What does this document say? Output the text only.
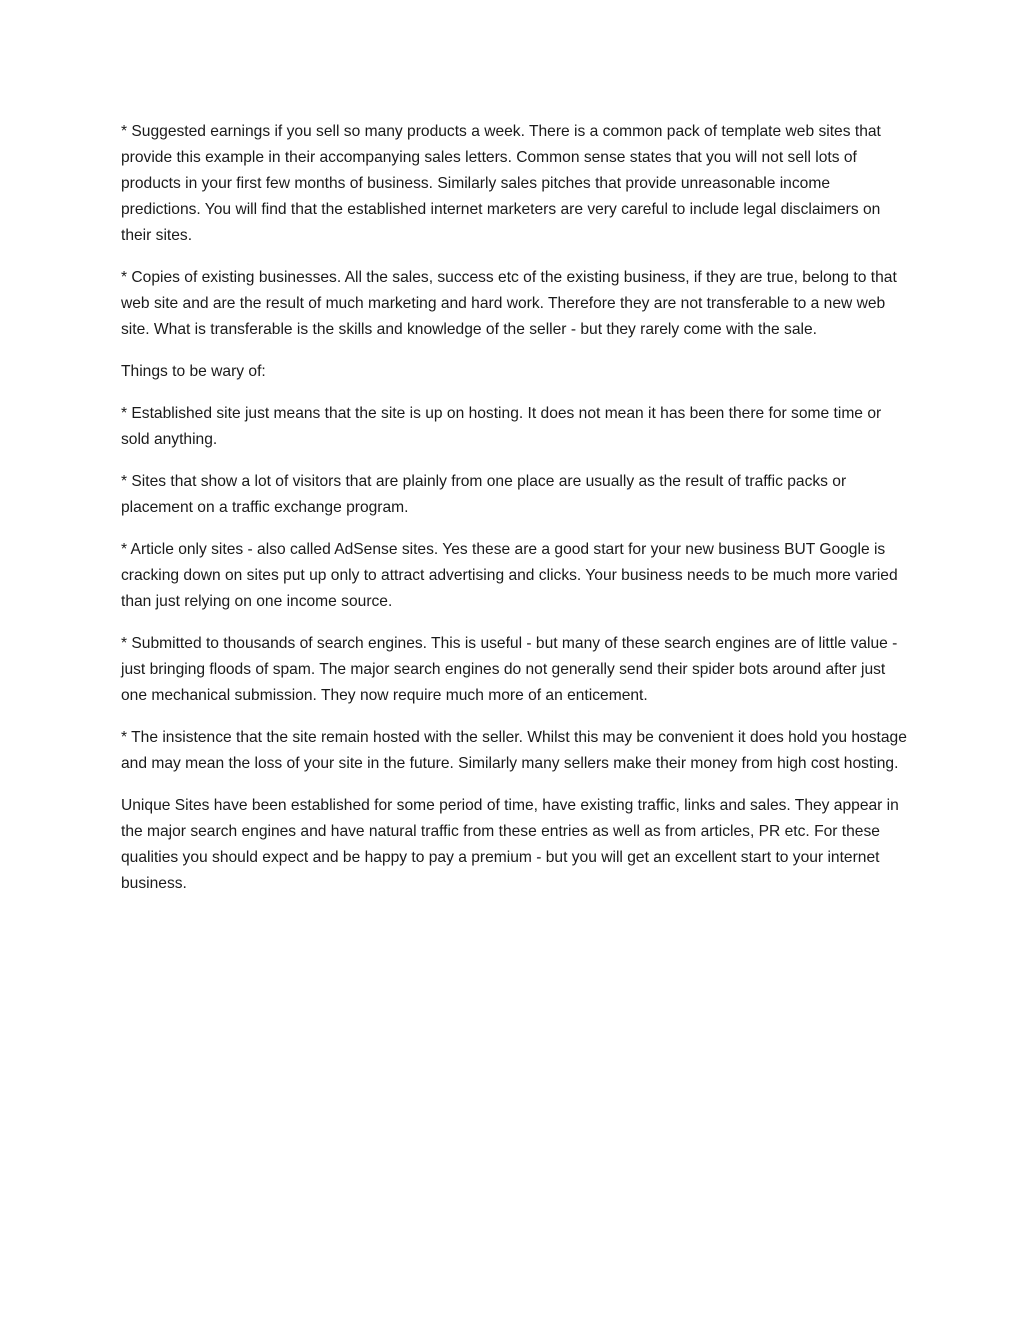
* Suggested earnings if you sell so many products a week. There is a common pack of template web sites that provide this example in their accompanying sales letters. Common sense states that you will not sell lots of products in your first few months of business. Similarly sales pitches that provide unreasonable income predictions. You will find that the established internet marketers are very careful to include legal disclaimers on their sites.

* Copies of existing businesses. All the sales, success etc of the existing business, if they are true, belong to that web site and are the result of much marketing and hard work. Therefore they are not transferable to a new web site. What is transferable is the skills and knowledge of the seller - but they rarely come with the sale.

Things to be wary of:

* Established site just means that the site is up on hosting. It does not mean it has been there for some time or sold anything.

* Sites that show a lot of visitors that are plainly from one place are usually as the result of traffic packs or placement on a traffic exchange program.

* Article only sites - also called AdSense sites. Yes these are a good start for your new business BUT Google is cracking down on sites put up only to attract advertising and clicks. Your business needs to be much more varied than just relying on one income source.

* Submitted to thousands of search engines. This is useful - but many of these search engines are of little value - just bringing floods of spam. The major search engines do not generally send their spider bots around after just one mechanical submission. They now require much more of an enticement.

* The insistence that the site remain hosted with the seller. Whilst this may be convenient it does hold you hostage and may mean the loss of your site in the future. Similarly many sellers make their money from high cost hosting.

Unique Sites have been established for some period of time, have existing traffic, links and sales. They appear in the major search engines and have natural traffic from these entries as well as from articles, PR etc. For these qualities you should expect and be happy to pay a premium - but you will get an excellent start to your internet business.
